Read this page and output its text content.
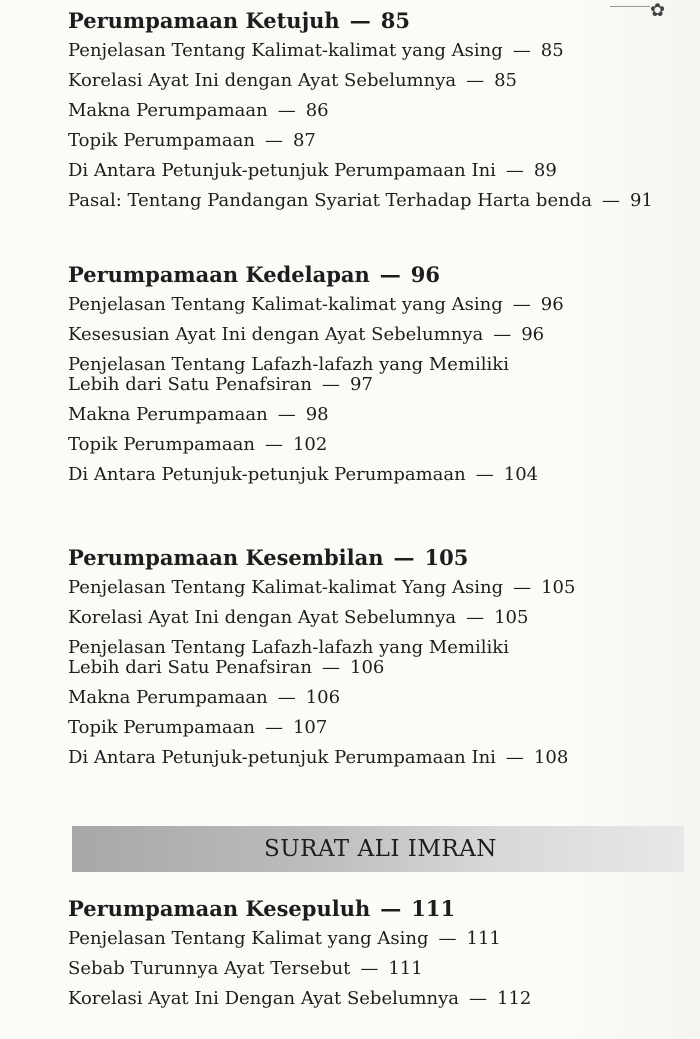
✿
Perumpamaan Ketujuh — 85
Penjelasan Tentang Kalimat-kalimat yang Asing — 85
Korelasi Ayat Ini dengan Ayat Sebelumnya — 85
Makna Perumpamaan — 86
Topik Perumpamaan — 87
Di Antara Petunjuk-petunjuk Perumpamaan Ini — 89
Pasal: Tentang Pandangan Syariat Terhadap Harta benda — 91
Perumpamaan Kedelapan — 96
Penjelasan Tentang Kalimat-kalimat yang Asing — 96
Kesesusian Ayat Ini dengan Ayat Sebelumnya — 96
Penjelasan Tentang Lafazh-lafazh yang Memiliki
Lebih dari Satu Penafsiran — 97
Makna Perumpamaan — 98
Topik Perumpamaan — 102
Di Antara Petunjuk-petunjuk Perumpamaan — 104
Perumpamaan Kesembilan — 105
Penjelasan Tentang Kalimat-kalimat Yang Asing — 105
Korelasi Ayat Ini dengan Ayat Sebelumnya — 105
Penjelasan Tentang Lafazh-lafazh yang Memiliki
Lebih dari Satu Penafsiran — 106
Makna Perumpamaan — 106
Topik Perumpamaan — 107
Di Antara Petunjuk-petunjuk Perumpamaan Ini — 108
SURAT ALI IMRAN
Perumpamaan Kesepuluh — 111
Penjelasan Tentang Kalimat yang Asing — 111
Sebab Turunnya Ayat Tersebut — 111
Korelasi Ayat Ini Dengan Ayat Sebelumnya — 112
